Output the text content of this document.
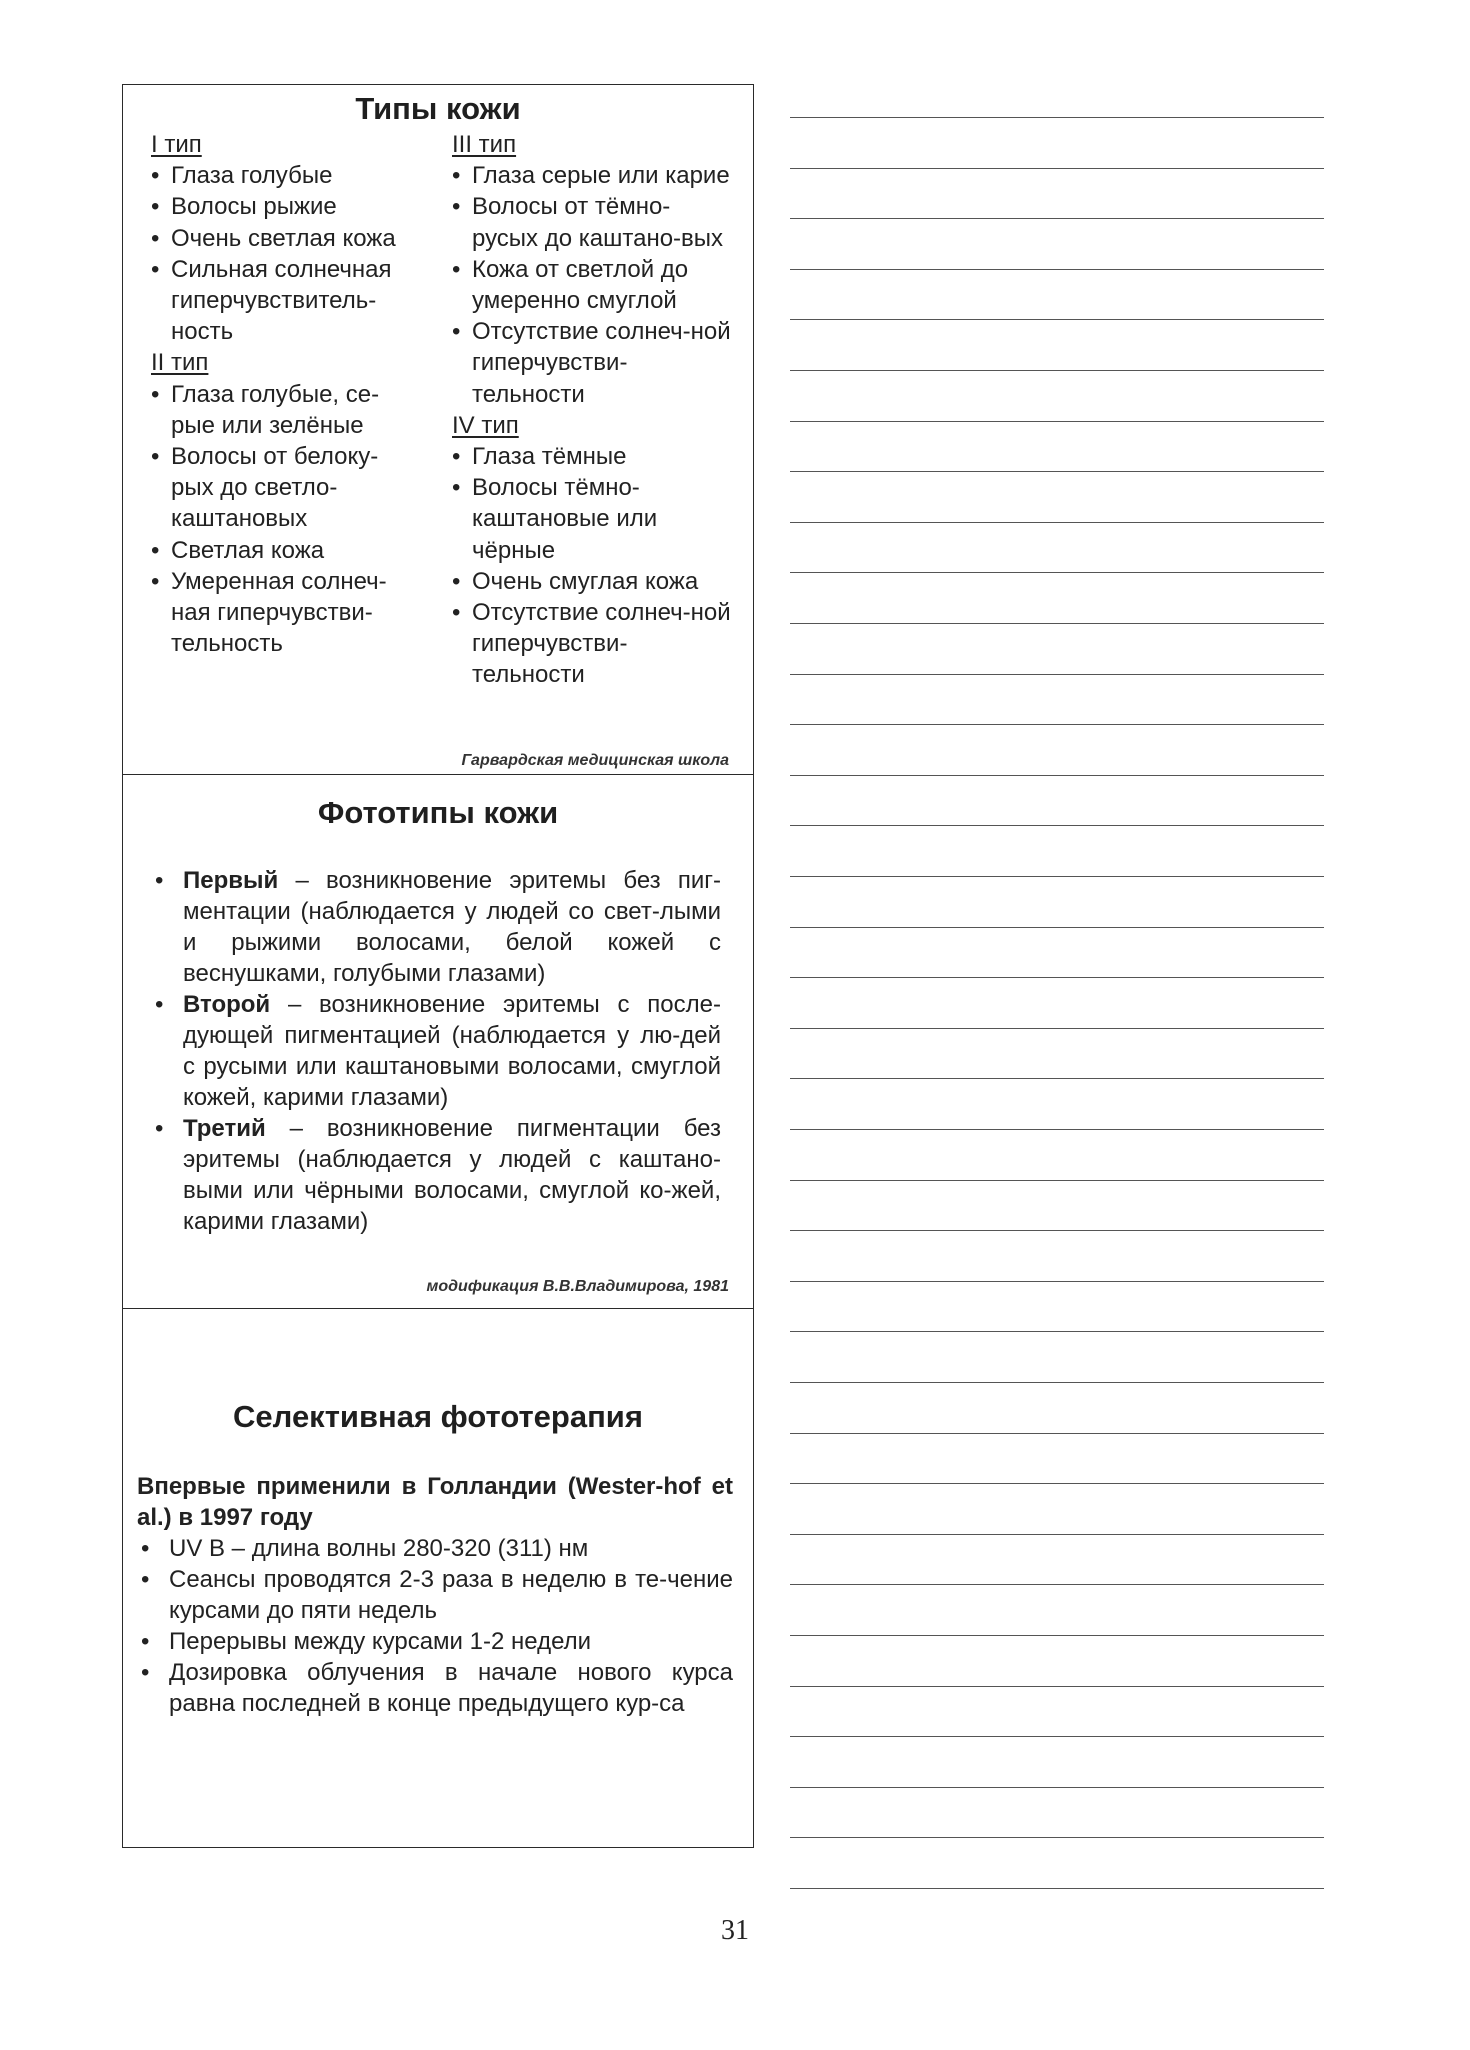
Типы кожи
I тип
• Глаза голубые
• Волосы рыжие
• Очень светлая кожа
• Сильная солнечная гиперчувствитель-ность
II тип
• Глаза голубые, се-рые или зелёные
• Волосы от белоку-рых до светло-каштановых
• Светлая кожа
• Умеренная солнеч-ная гиперчувстви-тельность
III тип
• Глаза серые или карие
• Волосы от тёмно-русых до каштано-вых
• Кожа от светлой до умеренно смуглой
• Отсутствие солнеч-ной гиперчувстви-тельности
IV тип
• Глаза тёмные
• Волосы тёмно-каштановые или чёрные
• Очень смуглая кожа
• Отсутствие солнеч-ной гиперчувстви-тельности
Гарвардская медицинская школа
Фототипы кожи
• Первый – возникновение эритемы без пиг-ментации (наблюдается у людей со свет-лыми и рыжими волосами, белой кожей с веснушками, голубыми глазами)
• Второй – возникновение эритемы с после-дующей пигментацией (наблюдается у лю-дей с русыми или каштановыми волосами, смуглой кожей, карими глазами)
• Третий – возникновение пигментации без эритемы (наблюдается у людей с каштано-выми или чёрными волосами, смуглой ко-жей, карими глазами)
модификация В.В.Владимирова, 1981
Селективная фототерапия
Впервые применили в Голландии (Wester-hof et al.) в 1997 году
• UV B – длина волны 280-320 (311) нм
• Сеансы проводятся 2-3 раза в неделю в те-чение курсами до пяти недель
• Перерывы между курсами 1-2 недели
• Дозировка облучения в начале нового курса равна последней в конце предыдущего кур-са
31
